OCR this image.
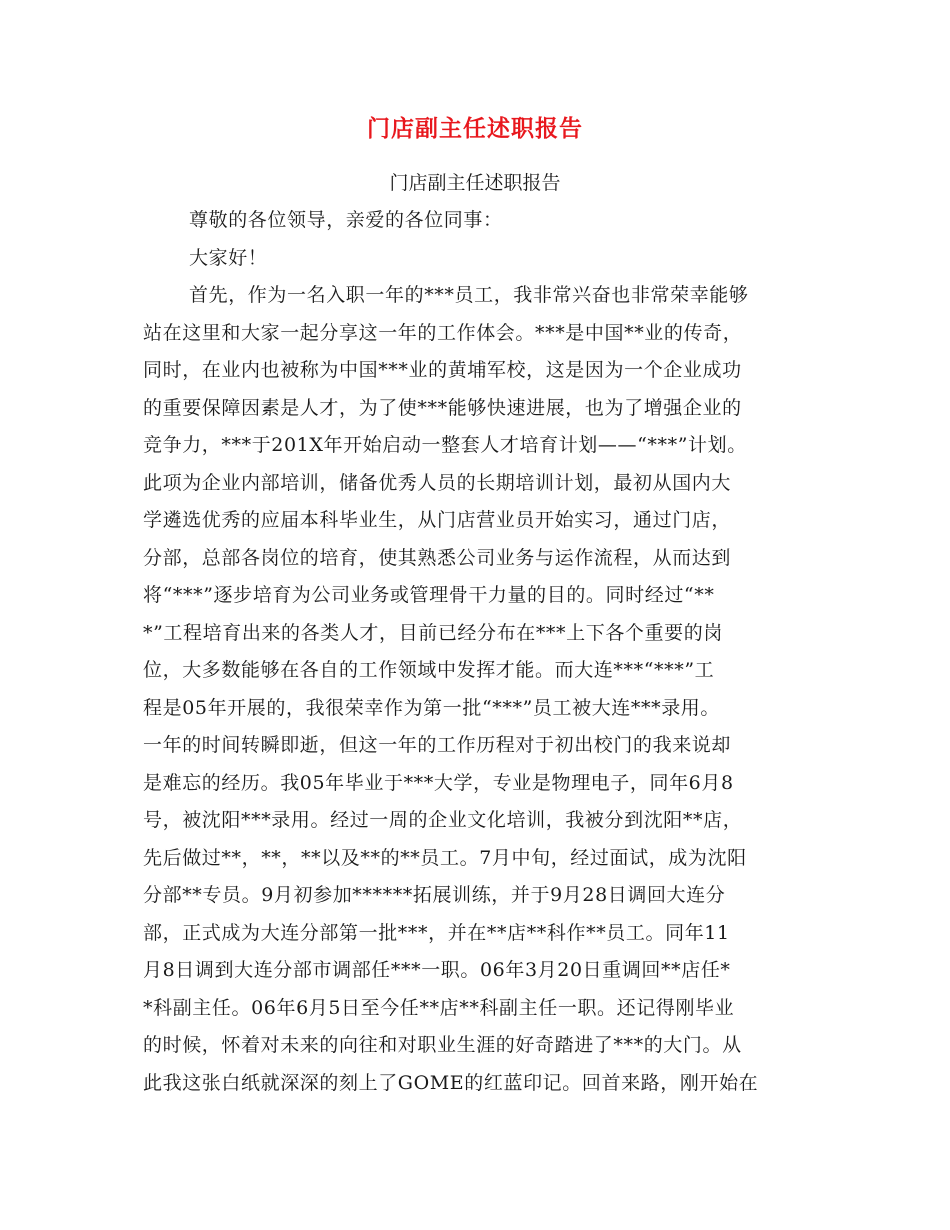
门店副主任述职报告
门店副主任述职报告
尊敬的各位领导，亲爱的各位同事：
大家好！
首先，作为一名入职一年的***员工，我非常兴奋也非常荣幸能够
站在这里和大家一起分享这一年的工作体会。***是中国**业的传奇，
同时，在业内也被称为中国***业的黄埔军校，这是因为一个企业成功
的重要保障因素是人才，为了使***能够快速进展，也为了增强企业的
竞争力，***于201X年开始启动一整套人才培育计划——“***”计划。
此项为企业内部培训，储备优秀人员的长期培训计划，最初从国内大
学遴选优秀的应届本科毕业生，从门店营业员开始实习，通过门店，
分部，总部各岗位的培育，使其熟悉公司业务与运作流程，从而达到
将“***”逐步培育为公司业务或管理骨干力量的目的。同时经过“**
*”工程培育出来的各类人才，目前已经分布在***上下各个重要的岗
位，大多数能够在各自的工作领域中发挥才能。而大连***“***”工
程是05年开展的，我很荣幸作为第一批“***”员工被大连***录用。
一年的时间转瞬即逝，但这一年的工作历程对于初出校门的我来说却
是难忘的经历。我05年毕业于***大学，专业是物理电子，同年6月8
号，被沈阳***录用。经过一周的企业文化培训，我被分到沈阳**店，
先后做过**，**，**以及**的**员工。7月中旬，经过面试，成为沈阳
分部**专员。9月初参加******拓展训练，并于9月28日调回大连分
部，正式成为大连分部第一批***，并在**店**科作**员工。同年11
月8日调到大连分部市调部任***一职。06年3月20日重调回**店任*
*科副主任。06年6月5日至今任**店**科副主任一职。还记得刚毕业
的时候，怀着对未来的向往和对职业生涯的好奇踏进了***的大门。从
此我这张白纸就深深的刻上了GOME的红蓝印记。回首来路，刚开始在
